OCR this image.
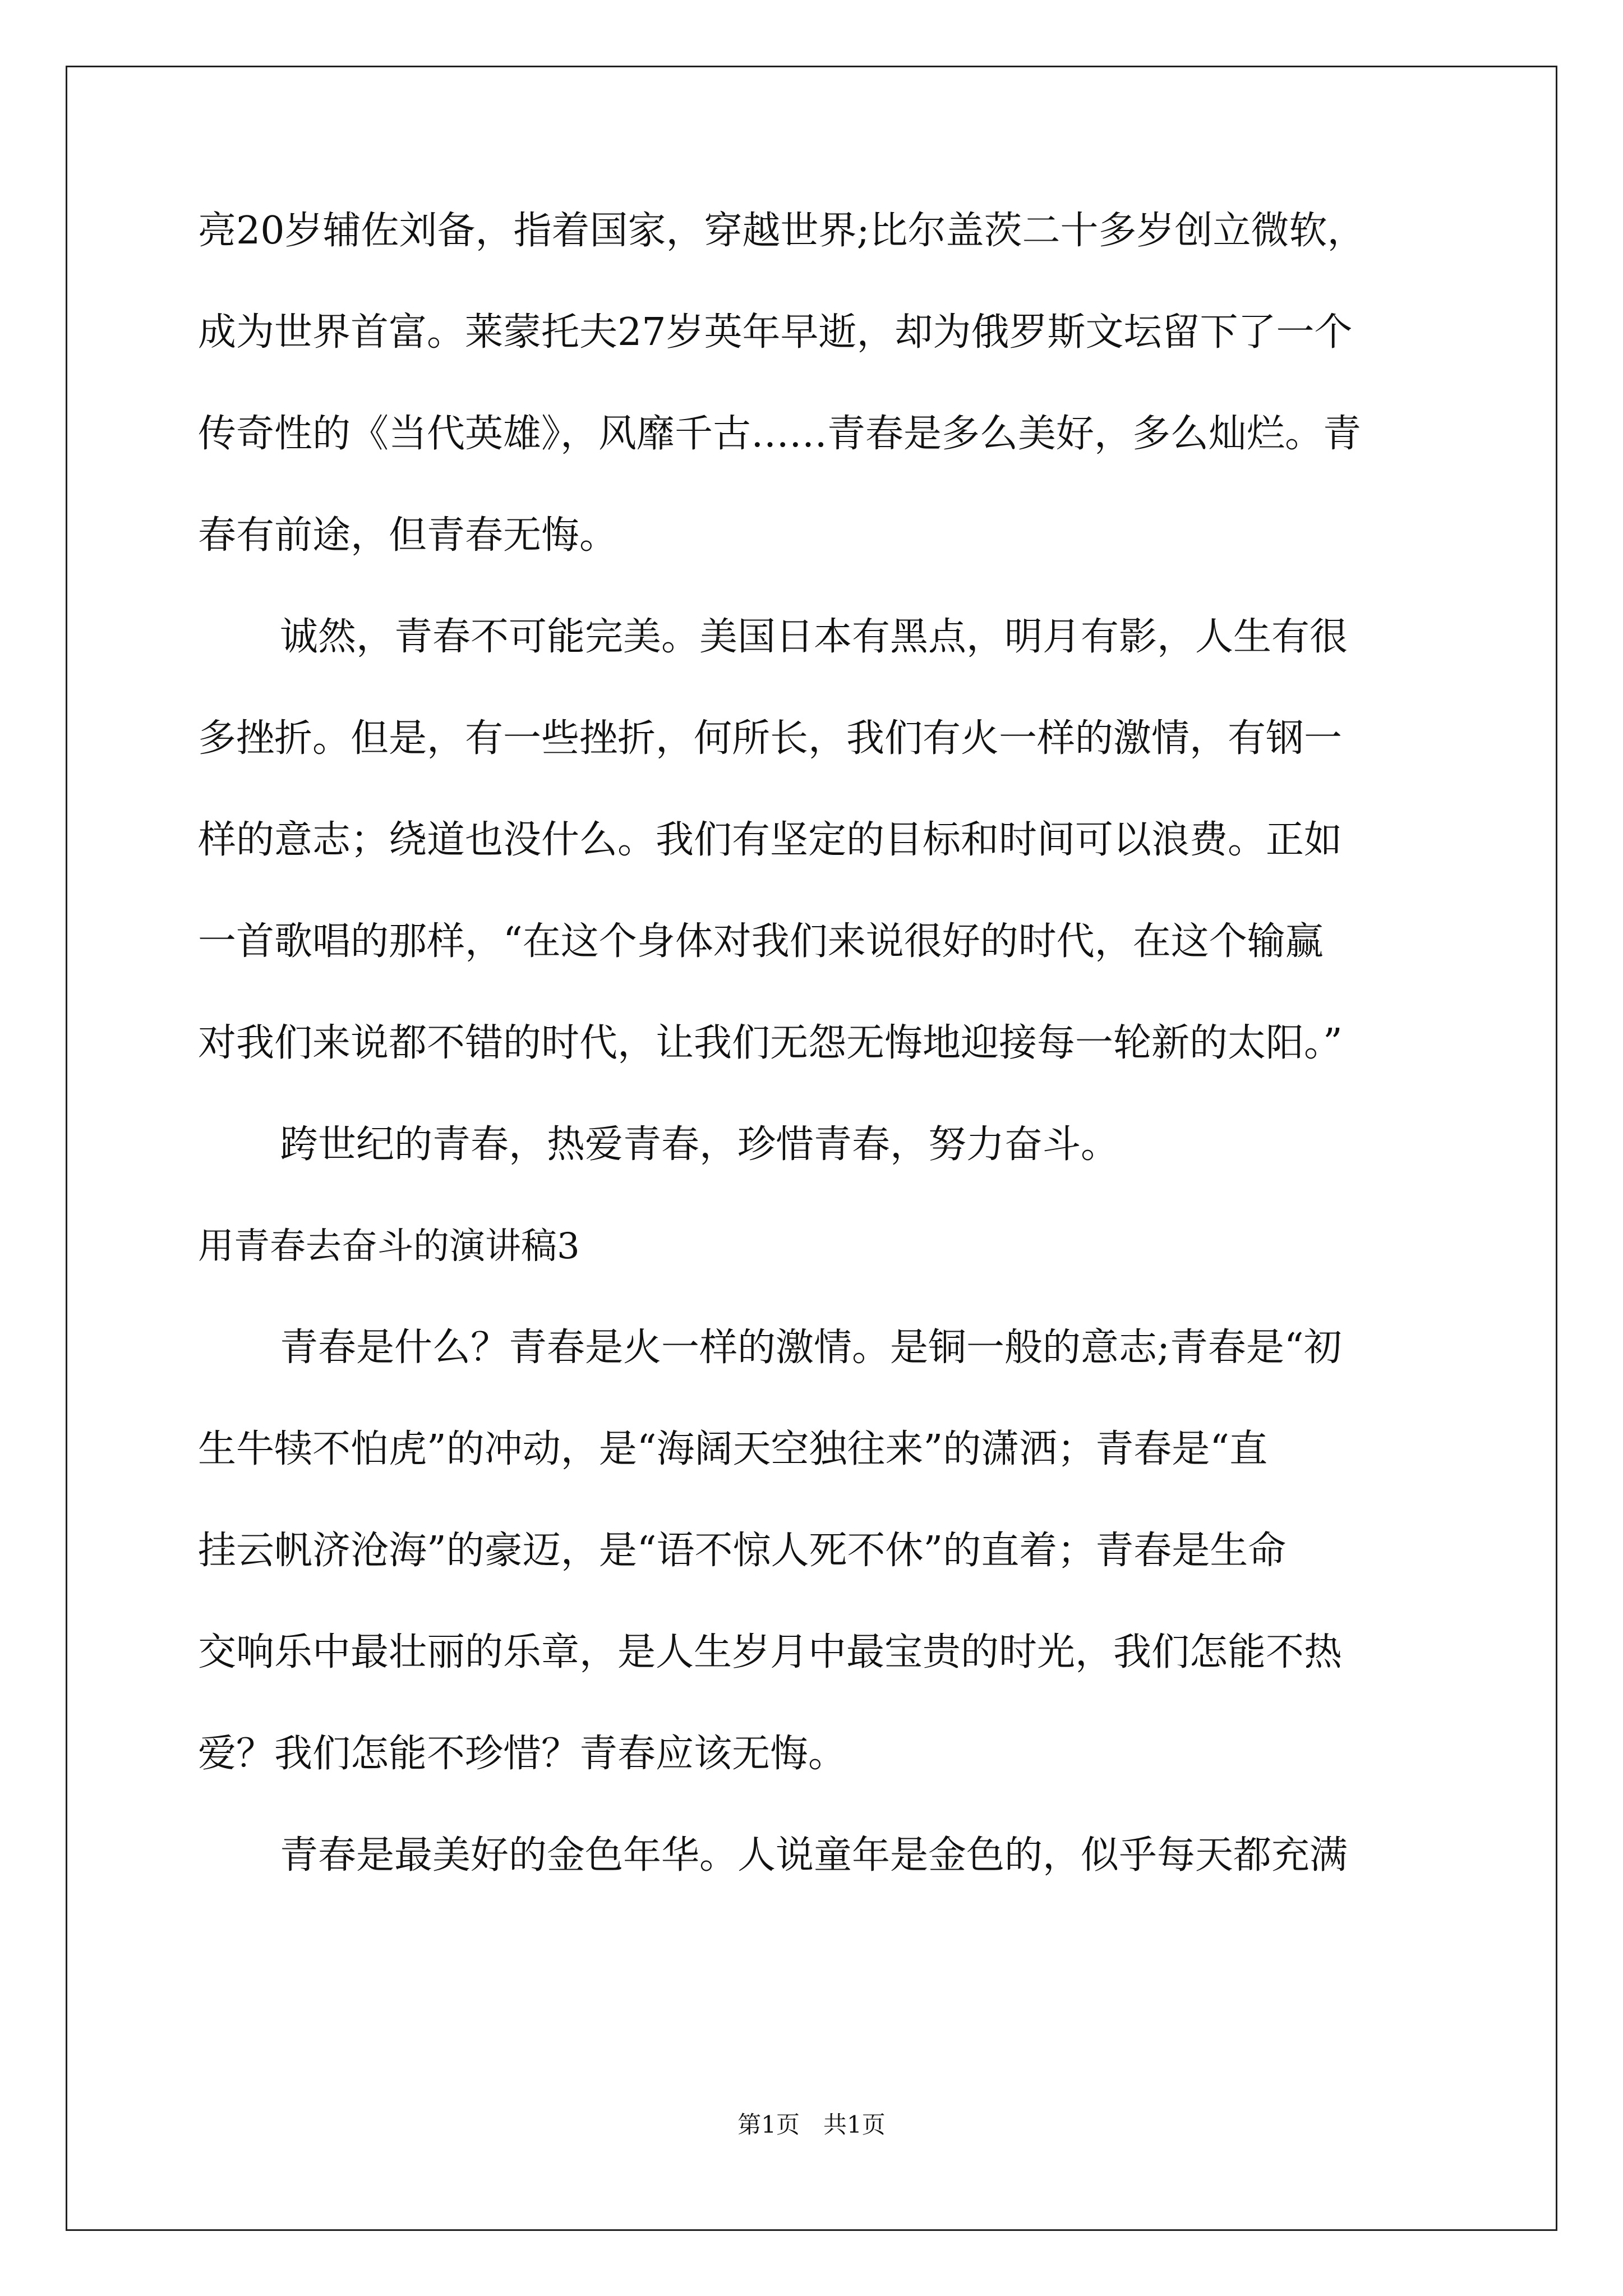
亮20岁辅佐刘备，指着国家，穿越世界;比尔盖茨二十多岁创立微软，
成为世界首富。莱蒙托夫27岁英年早逝，却为俄罗斯文坛留下了一个
传奇性的《当代英雄》，风靡千古……青春是多么美好，多么灿烂。青
春有前途，但青春无悔。
诚然，青春不可能完美。美国日本有黑点，明月有影，人生有很
多挫折。但是，有一些挫折，何所长，我们有火一样的激情，有钢一
样的意志；绕道也没什么。我们有坚定的目标和时间可以浪费。正如
一首歌唱的那样，“在这个身体对我们来说很好的时代，在这个输赢
对我们来说都不错的时代，让我们无怨无悔地迎接每一轮新的太阳。”
跨世纪的青春，热爱青春，珍惜青春，努力奋斗。
用青春去奋斗的演讲稿3
青春是什么？青春是火一样的激情。是铜一般的意志;青春是“初
生牛犊不怕虎”的冲动，是“海阔天空独往来”的潇洒；青春是“直
挂云帆济沧海”的豪迈，是“语不惊人死不休”的直着；青春是生命
交响乐中最壮丽的乐章，是人生岁月中最宝贵的时光，我们怎能不热
爱？我们怎能不珍惜？青春应该无悔。
青春是最美好的金色年华。人说童年是金色的，似乎每天都充满
第1页　共1页
